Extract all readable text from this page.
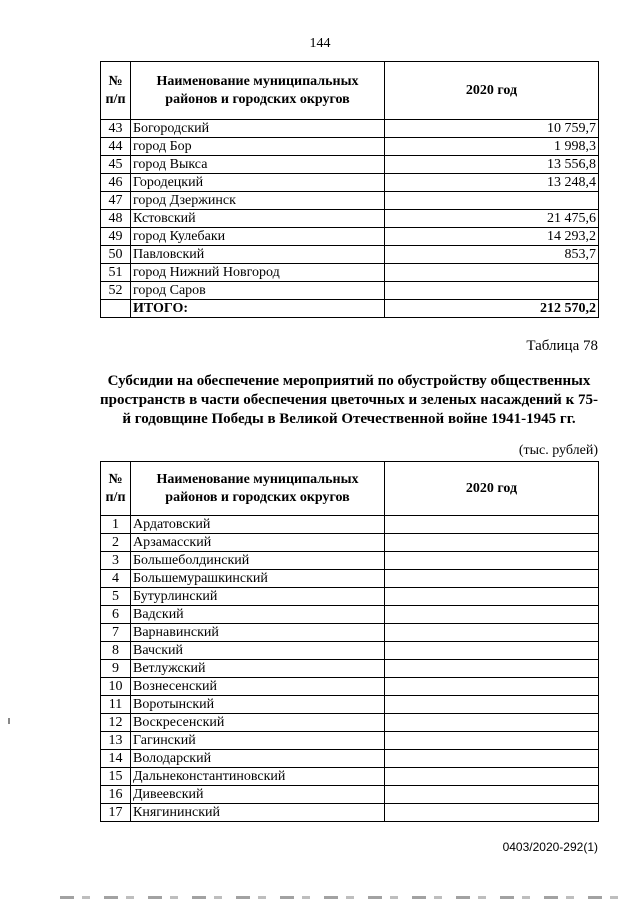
144
№ п/п	Наименование муниципальных районов и городских округов	2020 год
43	Богородский	10 759,7
44	город Бор	1 998,3
45	город Выкса	13 556,8
46	Городецкий	13 248,4
47	город Дзержинск	
48	Кстовский	21 475,6
49	город Кулебаки	14 293,2
50	Павловский	853,7
51	город Нижний Новгород	
52	город Саров	
	ИТОГО:	212 570,2
Таблица 78
Субсидии на обеспечение мероприятий по обустройству общественных пространств в части обеспечения цветочных и зеленых насаждений к 75-й годовщине Победы в Великой Отечественной войне 1941-1945 гг.
(тыс. рублей)
№ п/п	Наименование муниципальных районов и городских округов	2020 год
1	Ардатовский	
2	Арзамасский	
3	Большеболдинский	
4	Большемурашкинский	
5	Бутурлинский	
6	Вадский	
7	Варнавинский	
8	Вачский	
9	Ветлужский	
10	Вознесенский	
11	Воротынский	
12	Воскресенский	
13	Гагинский	
14	Володарский	
15	Дальнеконстантиновский	
16	Дивеевский	
17	Княгининский	
0403/2020-292(1)
